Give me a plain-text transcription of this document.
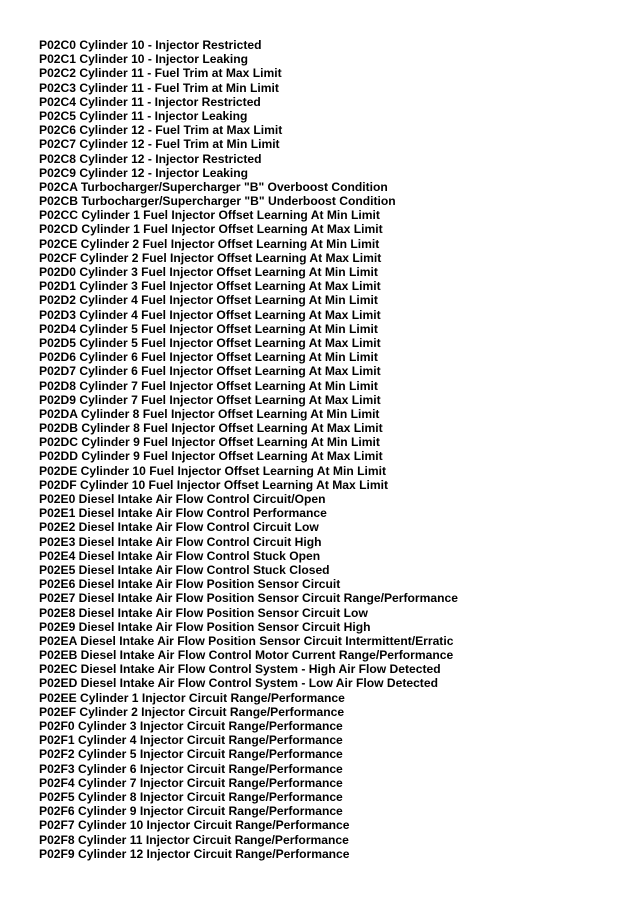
P02C0 Cylinder 10 - Injector Restricted
P02C1 Cylinder 10 - Injector Leaking
P02C2 Cylinder 11 - Fuel Trim at Max Limit
P02C3 Cylinder 11 - Fuel Trim at Min Limit
P02C4 Cylinder 11 - Injector Restricted
P02C5 Cylinder 11 - Injector Leaking
P02C6 Cylinder 12 - Fuel Trim at Max Limit
P02C7 Cylinder 12 - Fuel Trim at Min Limit
P02C8 Cylinder 12 - Injector Restricted
P02C9 Cylinder 12 - Injector Leaking
P02CA Turbocharger/Supercharger "B" Overboost Condition
P02CB Turbocharger/Supercharger "B" Underboost Condition
P02CC Cylinder 1 Fuel Injector Offset Learning At Min Limit
P02CD Cylinder 1 Fuel Injector Offset Learning At Max Limit
P02CE Cylinder 2 Fuel Injector Offset Learning At Min Limit
P02CF Cylinder 2 Fuel Injector Offset Learning At Max Limit
P02D0 Cylinder 3 Fuel Injector Offset Learning At Min Limit
P02D1 Cylinder 3 Fuel Injector Offset Learning At Max Limit
P02D2 Cylinder 4 Fuel Injector Offset Learning At Min Limit
P02D3 Cylinder 4 Fuel Injector Offset Learning At Max Limit
P02D4 Cylinder 5 Fuel Injector Offset Learning At Min Limit
P02D5 Cylinder 5 Fuel Injector Offset Learning At Max Limit
P02D6 Cylinder 6 Fuel Injector Offset Learning At Min Limit
P02D7 Cylinder 6 Fuel Injector Offset Learning At Max Limit
P02D8 Cylinder 7 Fuel Injector Offset Learning At Min Limit
P02D9 Cylinder 7 Fuel Injector Offset Learning At Max Limit
P02DA Cylinder 8 Fuel Injector Offset Learning At Min Limit
P02DB Cylinder 8 Fuel Injector Offset Learning At Max Limit
P02DC Cylinder 9 Fuel Injector Offset Learning At Min Limit
P02DD Cylinder 9 Fuel Injector Offset Learning At Max Limit
P02DE Cylinder 10 Fuel Injector Offset Learning At Min Limit
P02DF Cylinder 10 Fuel Injector Offset Learning At Max Limit
P02E0 Diesel Intake Air Flow Control Circuit/Open
P02E1 Diesel Intake Air Flow Control Performance
P02E2 Diesel Intake Air Flow Control Circuit Low
P02E3 Diesel Intake Air Flow Control Circuit High
P02E4 Diesel Intake Air Flow Control Stuck Open
P02E5 Diesel Intake Air Flow Control Stuck Closed
P02E6 Diesel Intake Air Flow Position Sensor Circuit
P02E7 Diesel Intake Air Flow Position Sensor Circuit Range/Performance
P02E8 Diesel Intake Air Flow Position Sensor Circuit Low
P02E9 Diesel Intake Air Flow Position Sensor Circuit High
P02EA Diesel Intake Air Flow Position Sensor Circuit Intermittent/Erratic
P02EB Diesel Intake Air Flow Control Motor Current Range/Performance
P02EC Diesel Intake Air Flow Control System - High Air Flow Detected
P02ED Diesel Intake Air Flow Control System - Low Air Flow Detected
P02EE Cylinder 1 Injector Circuit Range/Performance
P02EF Cylinder 2 Injector Circuit Range/Performance
P02F0 Cylinder 3 Injector Circuit Range/Performance
P02F1 Cylinder 4 Injector Circuit Range/Performance
P02F2 Cylinder 5 Injector Circuit Range/Performance
P02F3 Cylinder 6 Injector Circuit Range/Performance
P02F4 Cylinder 7 Injector Circuit Range/Performance
P02F5 Cylinder 8 Injector Circuit Range/Performance
P02F6 Cylinder 9 Injector Circuit Range/Performance
P02F7 Cylinder 10 Injector Circuit Range/Performance
P02F8 Cylinder 11 Injector Circuit Range/Performance
P02F9 Cylinder 12 Injector Circuit Range/Performance
